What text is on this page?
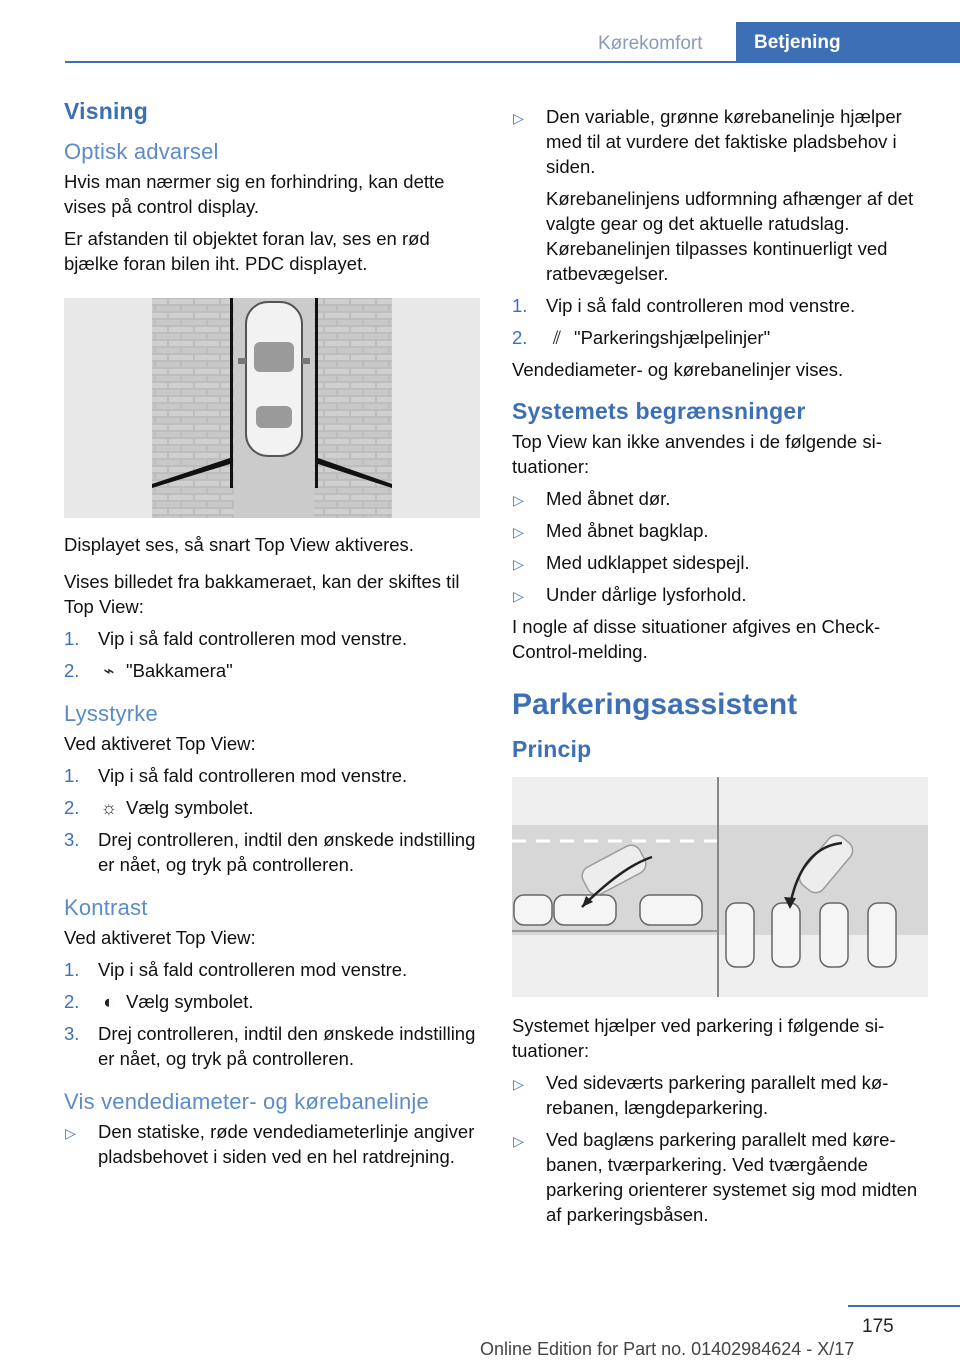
Kørekomfort	Betjening
Visning
Optisk advarsel

Hvis man nærmer sig en forhindring, kan dette vises på control display.

Er afstanden til objektet foran lav, ses en rød bjælke foran bilen iht. PDC displayet.

Displayet ses, så snart Top View aktiveres.

Vises billedet fra bakkameraet, kan der skiftes til Top View:

1. Vip i så fald controlleren mod venstre.
2. ⌁ "Bakkamera"
Lysstyrke

Ved aktiveret Top View:

1. Vip i så fald controlleren mod venstre.
2. ☼ Vælg symbolet.
3. Drej controlleren, indtil den ønskede indstilling er nået, og tryk på controlleren.
Kontrast

Ved aktiveret Top View:

1. Vip i så fald controlleren mod venstre.
2. ◐ Vælg symbolet.
3. Drej controlleren, indtil den ønskede indstilling er nået, og tryk på controlleren.
Vis vendediameter- og kørebanelinje
▷ Den statiske, røde vendediameterlinje angiver pladsbehovet i siden ved en hel ratdrejning.
▷ Den variable, grønne kørebanelinje hjælper med til at vurdere det faktiske pladsbehov i siden.
Kørebanelinjens udformning afhænger af det valgte gear og det aktuelle ratudslag. Kørebanelinjen tilpasses kontinuerligt ved ratbevægelser.
1. Vip i så fald controlleren mod venstre.
2. ⫽ "Parkeringshjælpelinjer"

Vendediameter- og kørebanelinjer vises.

Systemets begrænsninger

Top View kan ikke anvendes i de følgende situationer:

▷ Med åbnet dør.
▷ Med åbnet bagklap.
▷ Med udklappet sidespejl.
▷ Under dårlige lysforhold.

I nogle af disse situationer afgives en Check-Control-melding.

Parkeringsassistent
Princip

Systemet hjælper ved parkering i følgende situationer:

▷ Ved sideværts parkering parallelt med kørebanen, længdeparkering.
▷ Ved baglæns parkering parallelt med kørebanen, tværparkering. Ved tværgående parkering orienterer systemet sig mod midten af parkeringsbåsen.
175
Online Edition for Part no. 01402984624 - X/17
